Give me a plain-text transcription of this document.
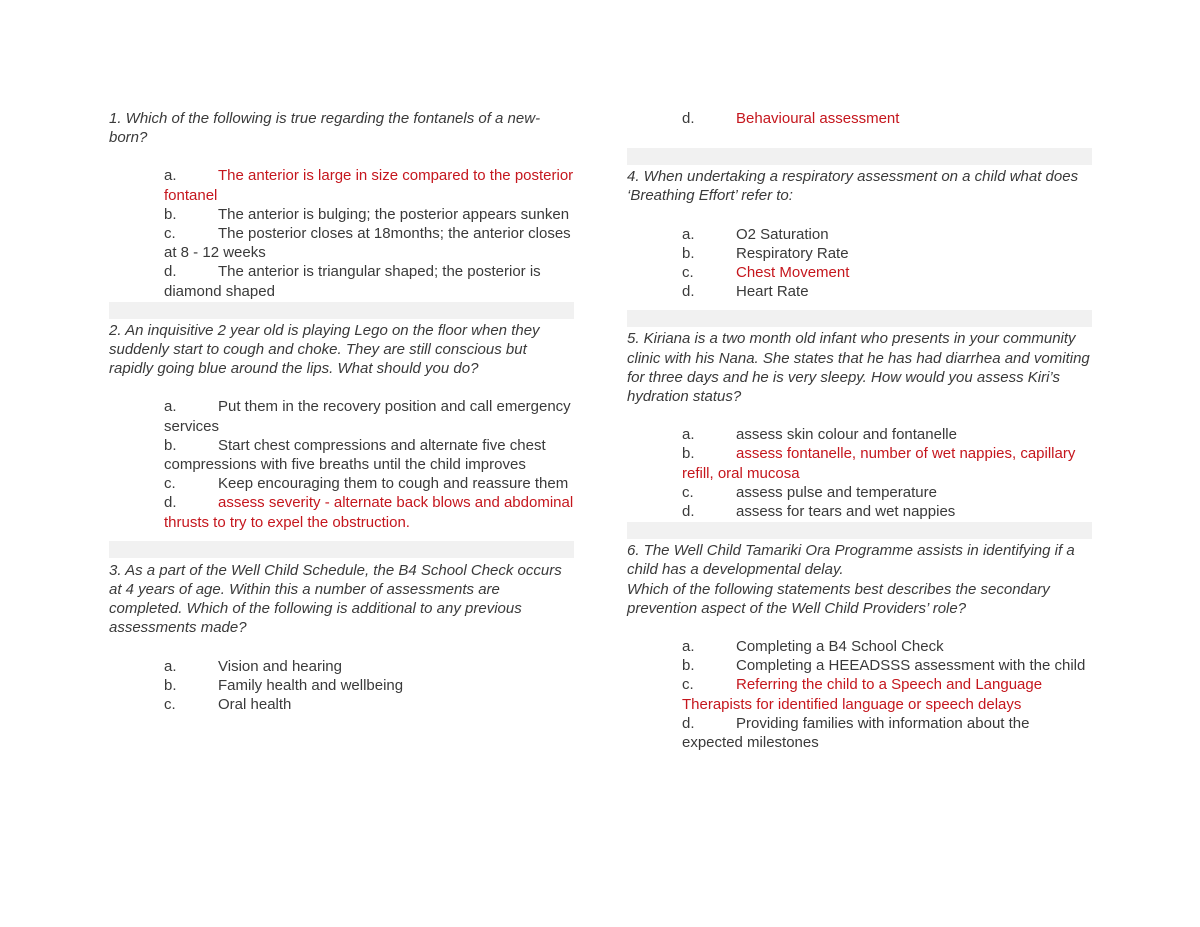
1. Which of the following is true regarding the fontanels of a new-born?

a.	The anterior is large in size compared to the posterior fontanel
b.	The anterior is bulging; the posterior appears sunken
c.	The posterior closes at 18months; the anterior closes at 8 - 12 weeks
d.	The anterior is triangular shaped; the posterior is diamond shaped

2. An inquisitive 2 year old is playing Lego on the floor when they suddenly start to cough and choke. They are still conscious but rapidly going blue around the lips. What should you do?

a.	Put them in the recovery position and call emergency services
b.	Start chest compressions and alternate five chest compressions with five breaths until the child improves
c.	Keep encouraging them to cough and reassure them
d.	assess severity - alternate back blows and abdominal thrusts to try to expel the obstruction.

3. As a part of the Well Child Schedule, the B4 School Check occurs at 4 years of age. Within this a number of assessments are completed. Which of the following is additional to any previous assessments made?

a.	Vision and hearing
b.	Family health and wellbeing
c.	Oral health
d.	Behavioural assessment

4. When undertaking a respiratory assessment on a child what does ‘Breathing Effort’ refer to:

a.	O2 Saturation
b.	Respiratory Rate
c.	Chest Movement
d.	Heart Rate

5. Kiriana is a two month old infant who presents in your community clinic with his Nana. She states that he has had diarrhea and vomiting for three days and he is very sleepy. How would you assess Kiri’s hydration status?

a.	assess skin colour and fontanelle
b.	assess fontanelle, number of wet nappies, capillary refill, oral mucosa
c.	assess pulse and temperature
d.	assess for tears and wet nappies

6. The Well Child Tamariki Ora Programme assists in identifying if a child has a developmental delay.

Which of the following statements best describes the secondary prevention aspect of the Well Child Providers’ role?

a.	Completing a B4 School Check
b.	Completing a HEEADSSS assessment with the child
c.	Referring the child to a Speech and Language Therapists for identified language or speech delays
d.	Providing families with information about the expected milestones
